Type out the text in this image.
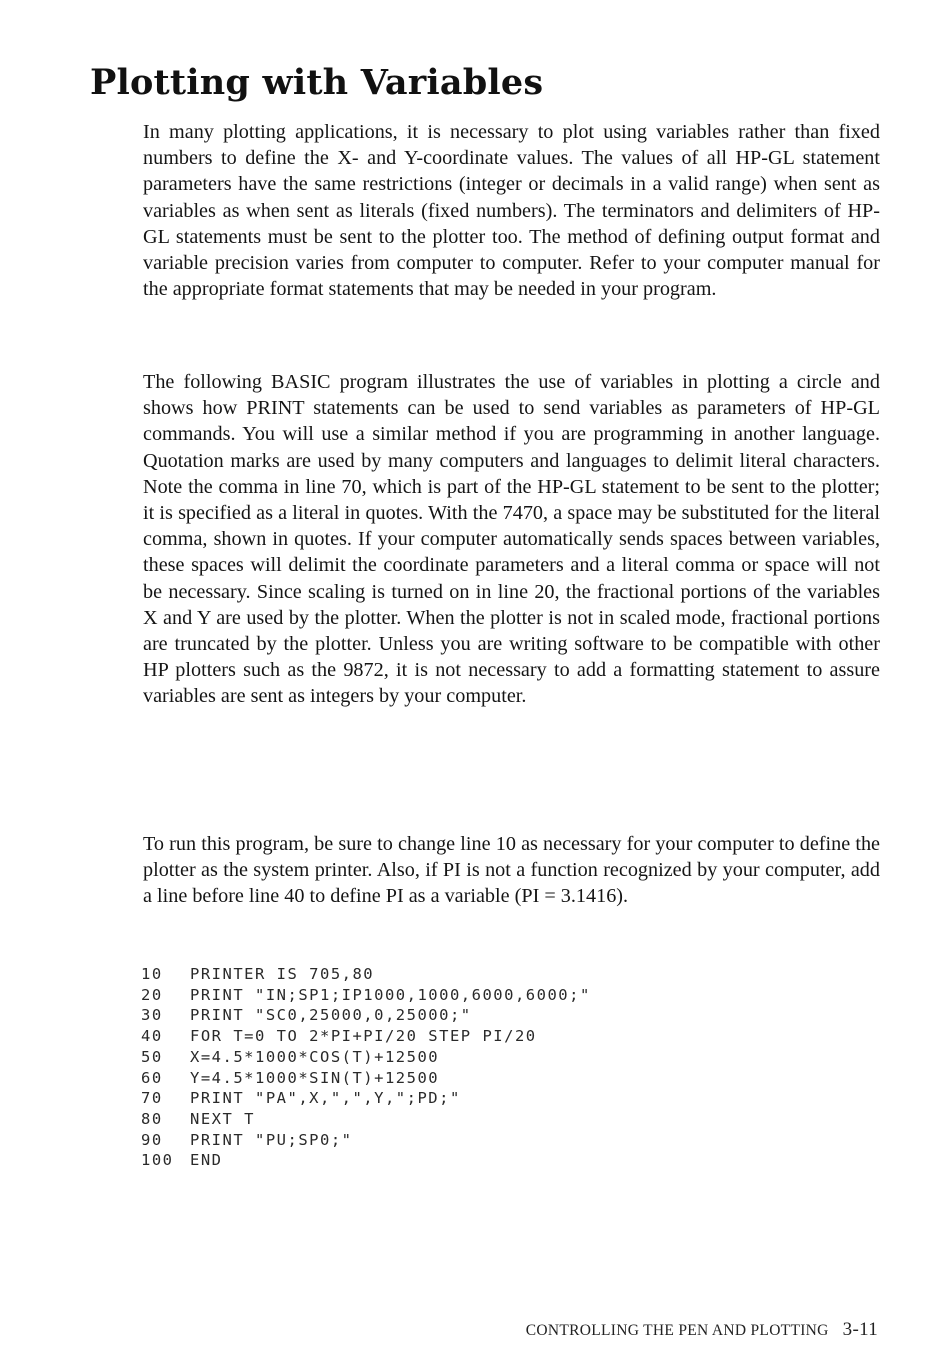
Plotting with Variables

In many plotting applications, it is necessary to plot using variables rather than fixed numbers to define the X- and Y-coordinate values. The values of all HP-GL statement parameters have the same restrictions (integer or decimals in a valid range) when sent as variables as when sent as literals (fixed numbers). The terminators and delimiters of HP-GL statements must be sent to the plotter too. The method of defining output format and variable precision varies from computer to computer. Refer to your computer manual for the appropriate format statements that may be needed in your program.

The following BASIC program illustrates the use of variables in plotting a circle and shows how PRINT statements can be used to send variables as parameters of HP-GL commands. You will use a similar method if you are programming in another language. Quotation marks are used by many computers and languages to delimit literal characters. Note the comma in line 70, which is part of the HP-GL statement to be sent to the plotter; it is specified as a literal in quotes. With the 7470, a space may be substituted for the literal comma, shown in quotes. If your computer automatically sends spaces between variables, these spaces will delimit the coordinate parameters and a literal comma or space will not be necessary. Since scaling is turned on in line 20, the fractional portions of the variables X and Y are used by the plotter. When the plotter is not in scaled mode, fractional portions are truncated by the plotter. Unless you are writing software to be compatible with other HP plotters such as the 9872, it is not necessary to add a formatting statement to assure variables are sent as integers by your computer.

To run this program, be sure to change line 10 as necessary for your computer to define the plotter as the system printer. Also, if PI is not a function recognized by your computer, add a line before line 40 to define PI as a variable (PI = 3.1416).

10	PRINTER IS 705,80
20	PRINT "IN;SP1;IP1000,1000,6000,6000;"
30	PRINT "SC0,25000,0,25000;"
40	FOR T=0 TO 2*PI+PI/20 STEP PI/20
50	X=4.5*1000*COS(T)+12500
60	Y=4.5*1000*SIN(T)+12500
70	PRINT "PA",X,",",Y,";PD;"
80	NEXT T
90	PRINT "PU;SP0;"
100	END
CONTROLLING THE PEN AND PLOTTING 3-11
